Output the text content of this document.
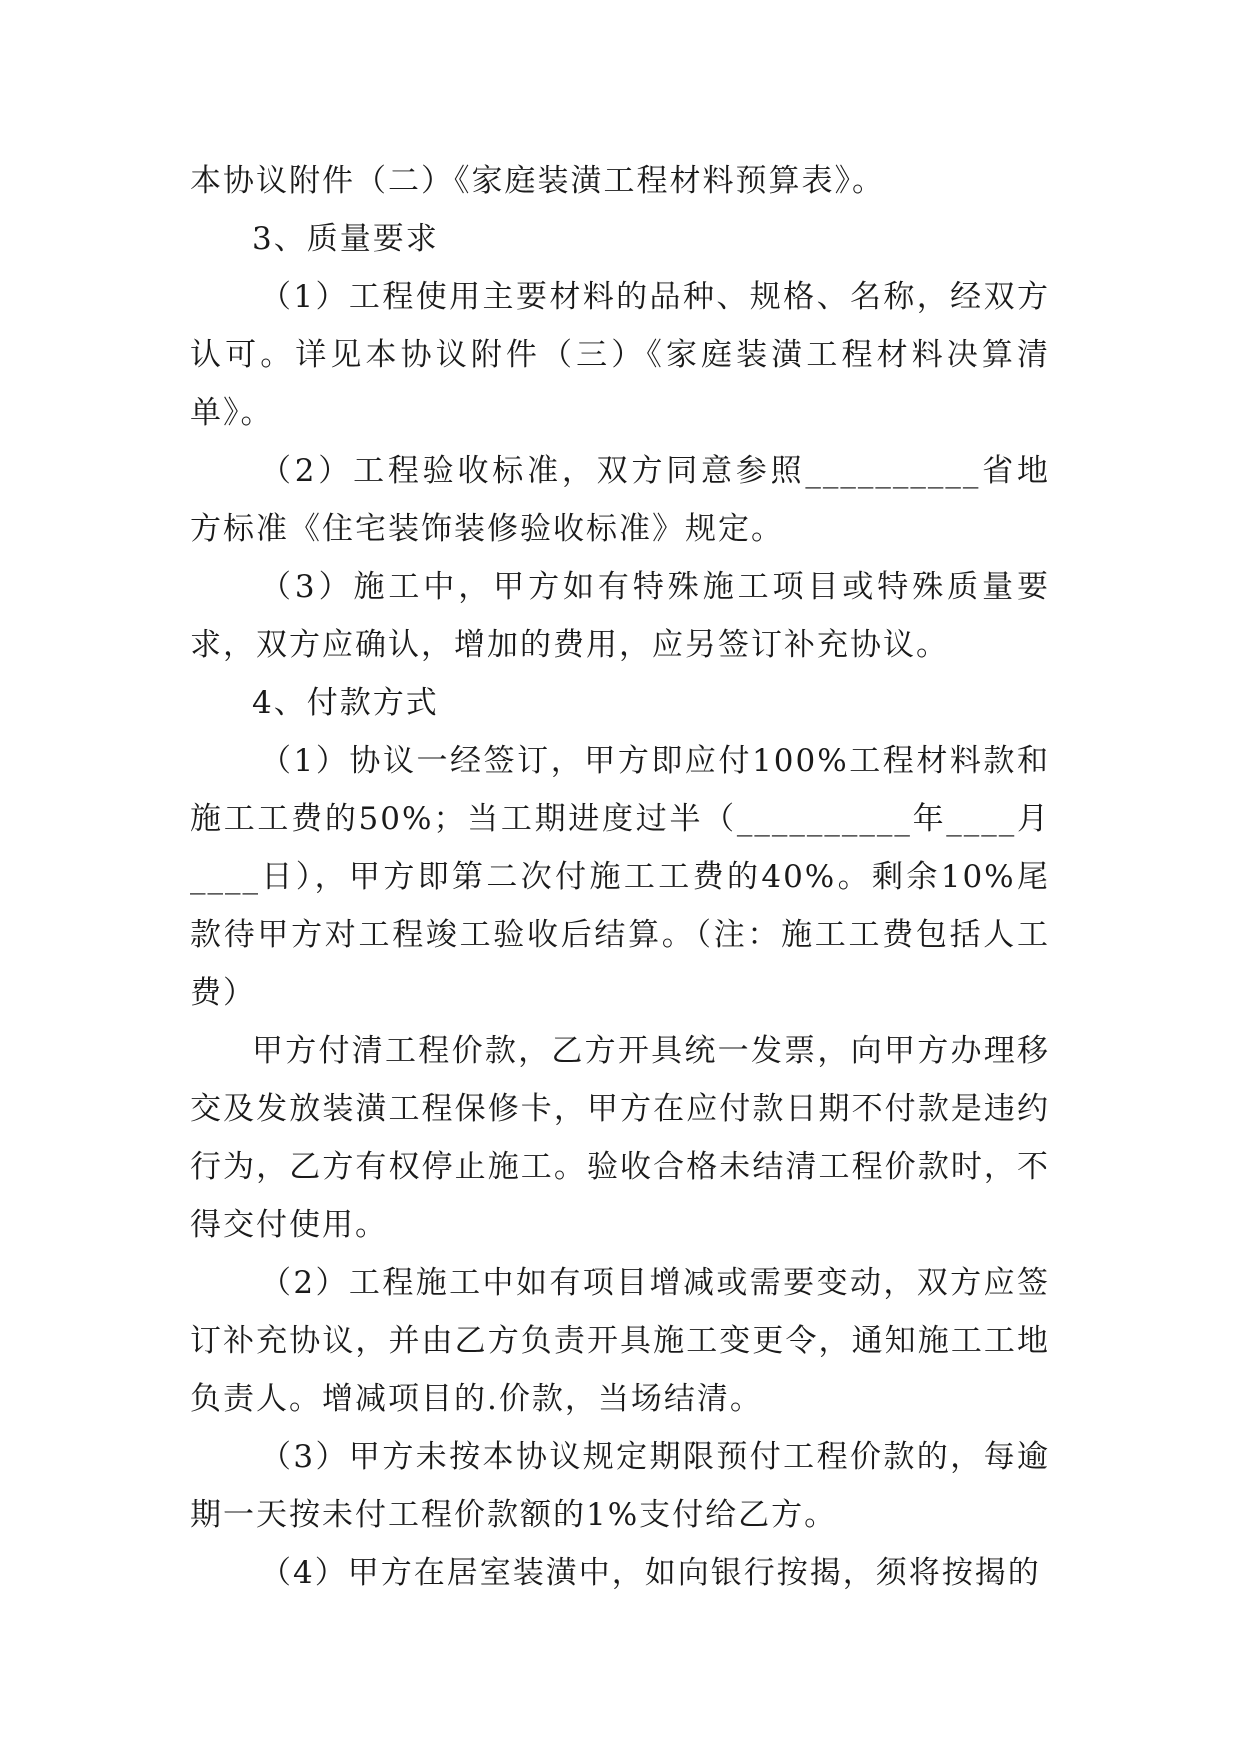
本协议附件（二）《家庭装潢工程材料预算表》。

3、质量要求

（1）工程使用主要材料的品种、规格、名称，经双方认可。详见本协议附件（三）《家庭装潢工程材料决算清单》。

（2）工程验收标准，双方同意参照__________省地方标准《住宅装饰装修验收标准》规定。

（3）施工中，甲方如有特殊施工项目或特殊质量要求，双方应确认，增加的费用，应另签订补充协议。

4、付款方式

（1）协议一经签订，甲方即应付100%工程材料款和施工工费的50%；当工期进度过半（__________年____月____日），甲方即第二次付施工工费的40%。剩余10%尾款待甲方对工程竣工验收后结算。（注：施工工费包括人工费）

甲方付清工程价款，乙方开具统一发票，向甲方办理移交及发放装潢工程保修卡，甲方在应付款日期不付款是违约行为，乙方有权停止施工。验收合格未结清工程价款时，不得交付使用。

（2）工程施工中如有项目增减或需要变动，双方应签订补充协议，并由乙方负责开具施工变更令，通知施工工地负责人。增减项目的.价款，当场结清。

（3）甲方未按本协议规定期限预付工程价款的，每逾期一天按未付工程价款额的1%支付给乙方。

（4）甲方在居室装潢中，如向银行按揭，须将按揭的
